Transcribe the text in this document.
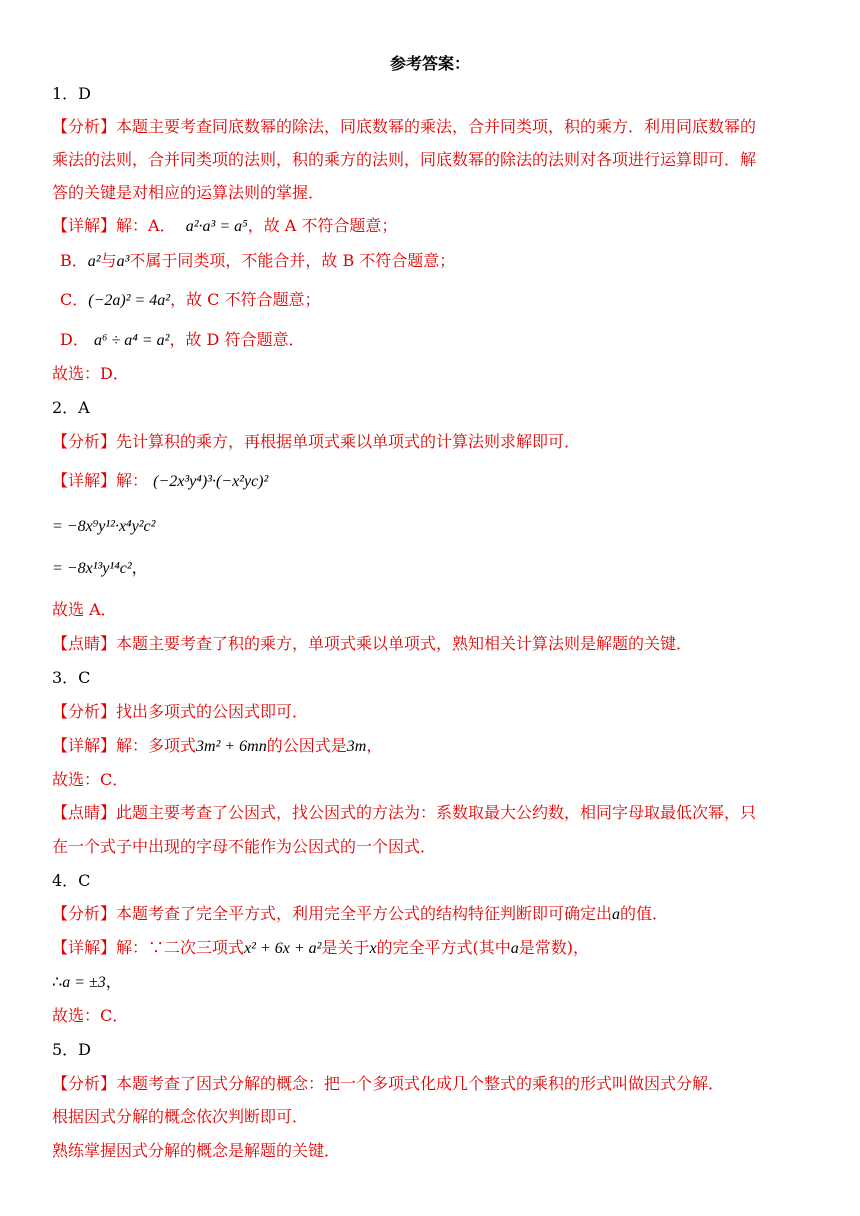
参考答案：
1．D
【分析】本题主要考查同底数幂的除法，同底数幂的乘法，合并同类项，积的乘方．利用同底数幂的
乘法的法则，合并同类项的法则，积的乘方的法则，同底数幂的除法的法则对各项进行运算即可．解
答的关键是对相应的运算法则的掌握．
【详解】解：A． a²·a³ = a⁵，故 A 不符合题意；
B．a²与a³不属于同类项，不能合并，故 B 不符合题意；
C．(−2a)² = 4a²，故 C 不符合题意；
D． a⁶ ÷ a⁴ = a²，故 D 符合题意．
故选：D．
2．A
【分析】先计算积的乘方，再根据单项式乘以单项式的计算法则求解即可．
【详解】解： (−2x³y⁴)³·(−x²yc)²
= −8x⁹y¹²·x⁴y²c²
= −8x¹³y¹⁴c²，
故选 A．
【点睛】本题主要考查了积的乘方，单项式乘以单项式，熟知相关计算法则是解题的关键．
3．C
【分析】找出多项式的公因式即可．
【详解】解：多项式3m² + 6mn的公因式是3m，
故选：C．
【点睛】此题主要考查了公因式，找公因式的方法为：系数取最大公约数，相同字母取最低次幂，只
在一个式子中出现的字母不能作为公因式的一个因式．
4．C
【分析】本题考查了完全平方式，利用完全平方公式的结构特征判断即可确定出a的值．
【详解】解：∵二次三项式x² + 6x + a²是关于x的完全平方式(其中a是常数)，
∴a = ±3，
故选：C．
5．D
【分析】本题考查了因式分解的概念：把一个多项式化成几个整式的乘积的形式叫做因式分解．
根据因式分解的概念依次判断即可．
熟练掌握因式分解的概念是解题的关键．
